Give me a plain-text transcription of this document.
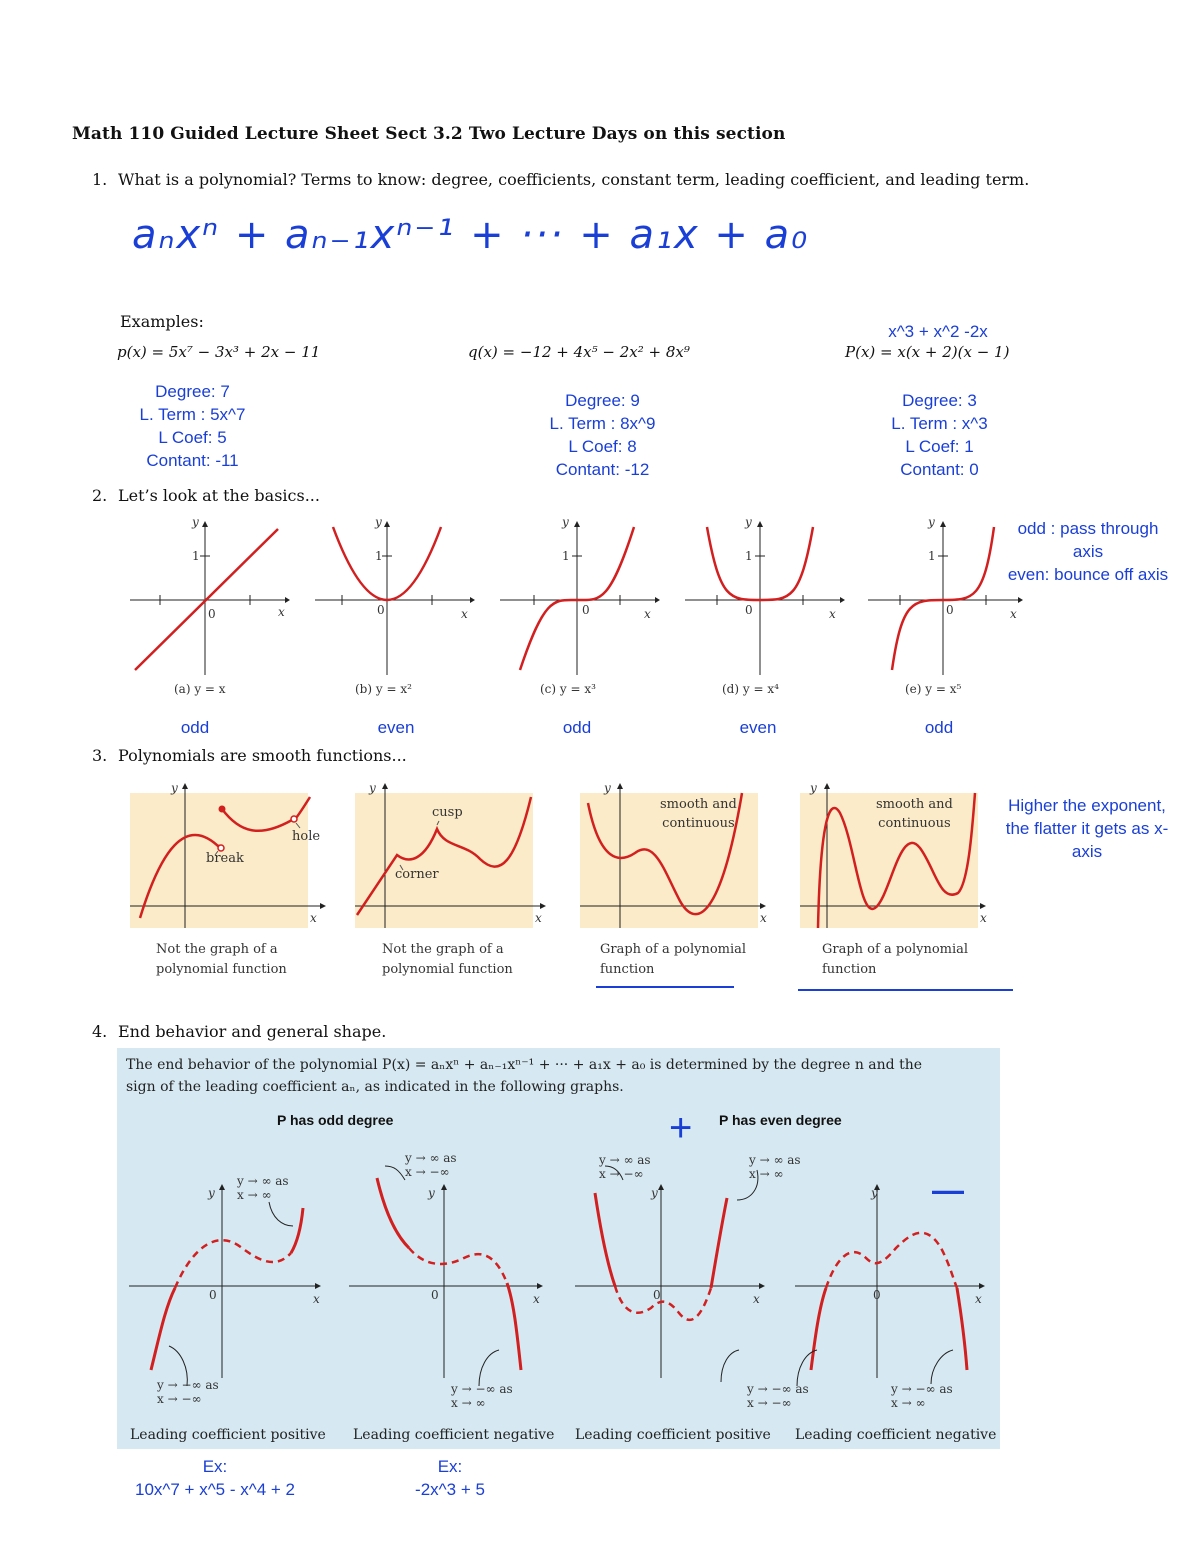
Math 110 Guided Lecture Sheet Sect 3.2 Two Lecture Days on this section
1. What is a polynomial? Terms to know: degree, coefficients, constant term, leading coefficient, and leading term.
aₙxⁿ + aₙ₋₁xⁿ⁻¹ + ··· + a₁x + a₀
Examples:
p(x) = 5x⁷ − 3x³ + 2x − 11
Degree: 7
L. Term : 5x^7
L Coef: 5
Contant: -11
q(x) = −12 + 4x⁵ − 2x² + 8x⁹
Degree: 9
L. Term : 8x^9
L Coef: 8
Contant: -12
x^3 + x^2 -2x
P(x) = x(x + 2)(x − 1)
Degree: 3
L. Term : x^3
L Coef: 1
Contant: 0
2. Let’s look at the basics...
y
1
0	x
(a) y = x
odd
y
1
0	x
(b) y = x²
even
y
1
0	x
(c) y = x³
odd
y
1
0	x
(d) y = x⁴
even
y
1
0	x
(e) y = x⁵
odd
odd : pass through axis
even: bounce off axis
3. Polynomials are smooth functions...
y
x
break
hole
Not the graph of a
polynomial function
y
x
cusp
corner
Not the graph of a
polynomial function
y
x
smooth and
continuous
Graph of a polynomial
function
y
x
smooth and
continuous
Graph of a polynomial
function
Higher the exponent, the flatter it gets as x-axis
4. End behavior and general shape.
The end behavior of the polynomial P(x) = aₙxⁿ + aₙ₋₁xⁿ⁻¹ + ··· + a₁x + a₀ is determined by the degree n and the
sign of the leading coefficient aₙ, as indicated in the following graphs.
P has odd degree	P has even degree
y
0	x
y → ∞ as
x → ∞
y → −∞ as
x → −∞
Leading coefficient positive
y
0	x
y → ∞ as
x → −∞
y → −∞ as
x → ∞
Leading coefficient negative
y
0	x
y → ∞ as
x → −∞
y → ∞ as
x → ∞
Leading coefficient positive
y
0	x
y → −∞ as
x → −∞
y → −∞ as
x → ∞
Leading coefficient negative
+
—
Ex:
10x^7 + x^5 - x^4 + 2
Ex:
-2x^3 + 5
